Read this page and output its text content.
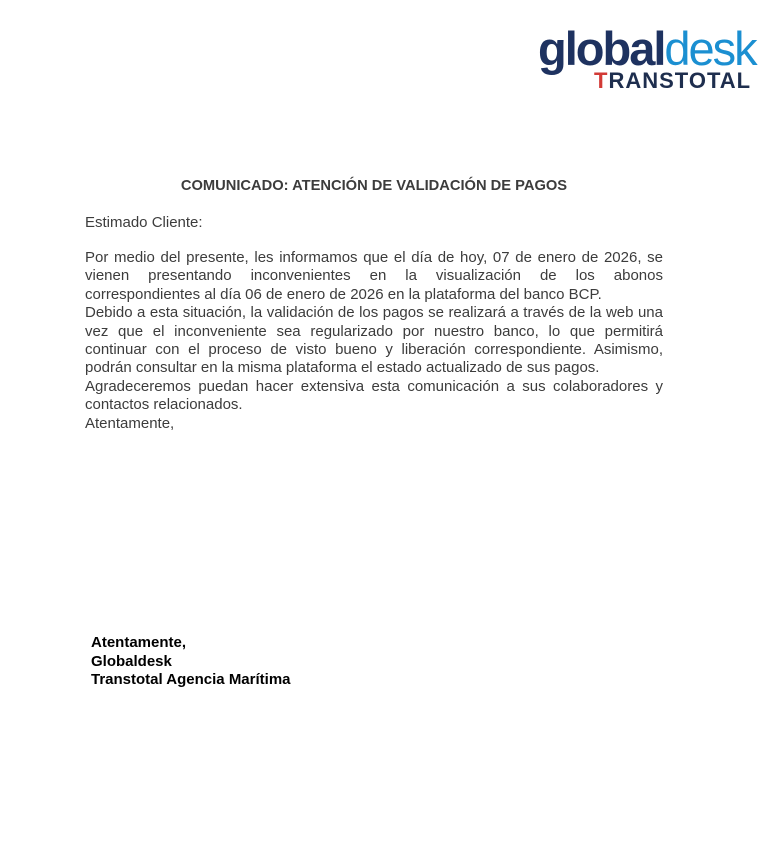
globaldesk
TRANSTOTAL
COMUNICADO: ATENCIÓN DE VALIDACIÓN DE PAGOS

Estimado Cliente:

Por medio del presente, les informamos que el día de hoy, 07 de enero de 2026, se vienen presentando inconvenientes en la visualización de los abonos correspondientes al día 06 de enero de 2026 en la plataforma del banco BCP.

Debido a esta situación, la validación de los pagos se realizará a través de la web una vez que el inconveniente sea regularizado por nuestro banco, lo que permitirá continuar con el proceso de visto bueno y liberación correspondiente. Asimismo, podrán consultar en la misma plataforma el estado actualizado de sus pagos.

Agradeceremos puedan hacer extensiva esta comunicación a sus colaboradores y contactos relacionados.

Atentamente,

Atentamente,
Globaldesk
Transtotal Agencia Marítima
